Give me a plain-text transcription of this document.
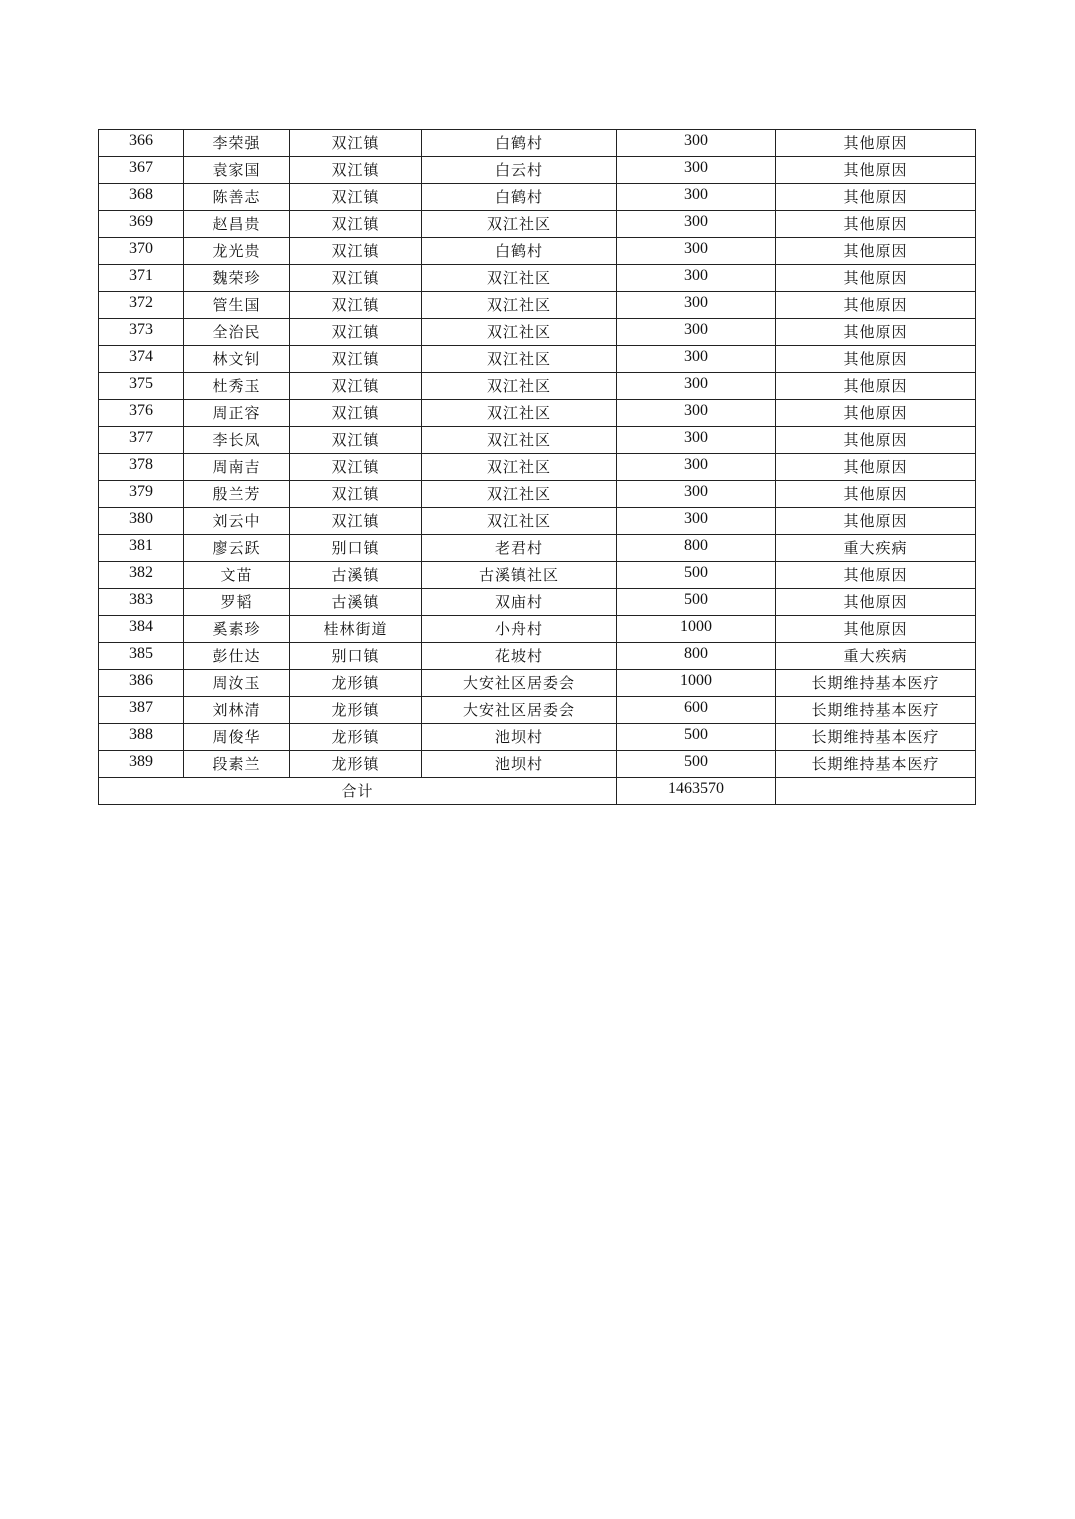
366	李荣强	双江镇	白鹤村	300	其他原因
367	袁家国	双江镇	白云村	300	其他原因
368	陈善志	双江镇	白鹤村	300	其他原因
369	赵昌贵	双江镇	双江社区	300	其他原因
370	龙光贵	双江镇	白鹤村	300	其他原因
371	魏荣珍	双江镇	双江社区	300	其他原因
372	管生国	双江镇	双江社区	300	其他原因
373	全治民	双江镇	双江社区	300	其他原因
374	林文钊	双江镇	双江社区	300	其他原因
375	杜秀玉	双江镇	双江社区	300	其他原因
376	周正容	双江镇	双江社区	300	其他原因
377	李长凤	双江镇	双江社区	300	其他原因
378	周南吉	双江镇	双江社区	300	其他原因
379	殷兰芳	双江镇	双江社区	300	其他原因
380	刘云中	双江镇	双江社区	300	其他原因
381	廖云跃	别口镇	老君村	800	重大疾病
382	文苗	古溪镇	古溪镇社区	500	其他原因
383	罗韬	古溪镇	双庙村	500	其他原因
384	奚素珍	桂林街道	小舟村	1000	其他原因
385	彭仕达	别口镇	花坡村	800	重大疾病
386	周汝玉	龙形镇	大安社区居委会	1000	长期维持基本医疗
387	刘林清	龙形镇	大安社区居委会	600	长期维持基本医疗
388	周俊华	龙形镇	池坝村	500	长期维持基本医疗
389	段素兰	龙形镇	池坝村	500	长期维持基本医疗
合计				1463570	
